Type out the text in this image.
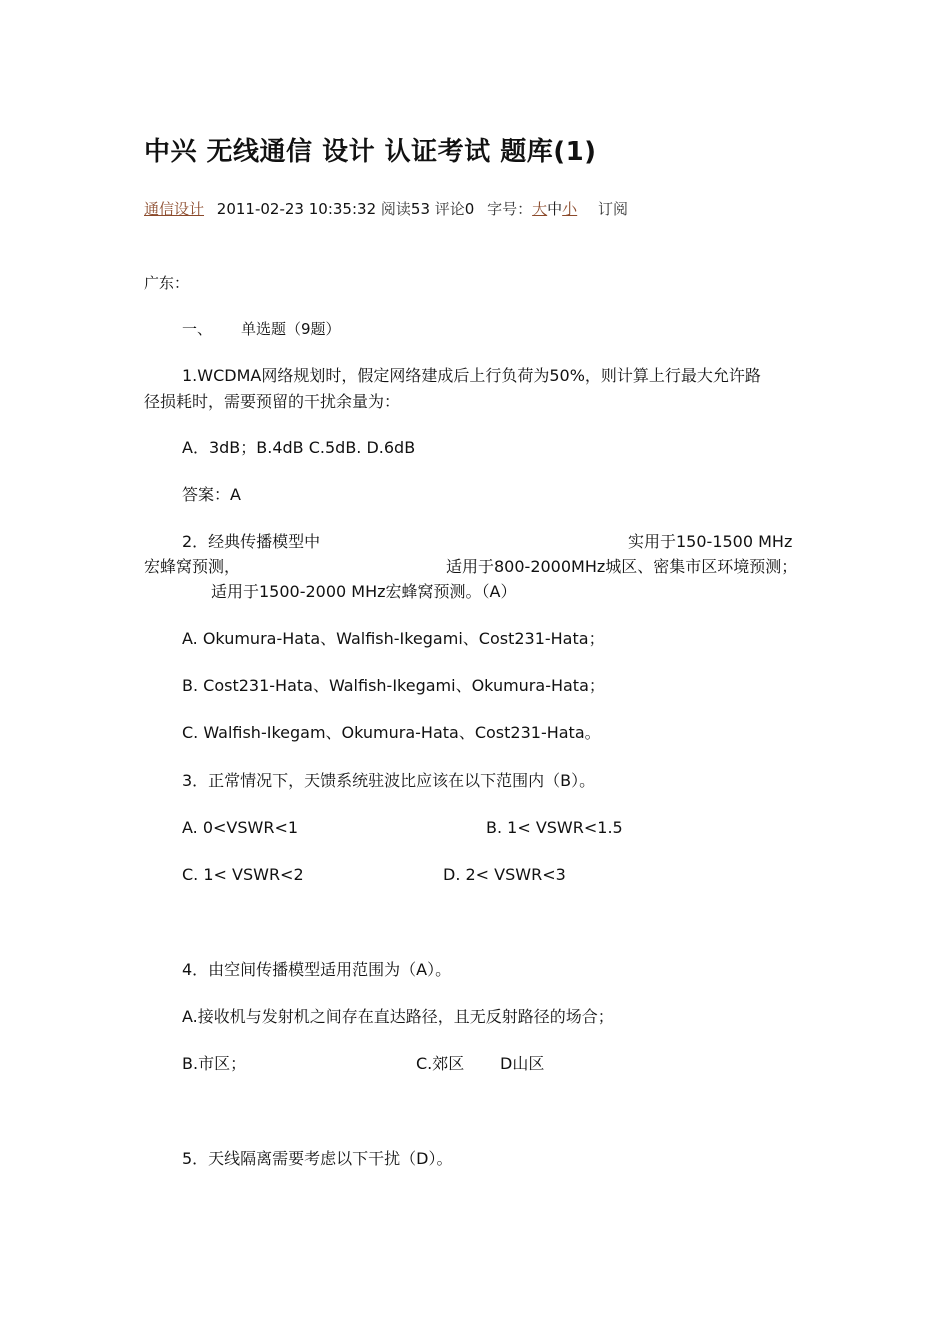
中兴 无线通信 设计 认证考试 题库(1)
通信设计 2011-02-23 10:35:32 阅读53 评论0 字号：大中小 订阅
广东：
一、 单选题（9题）
1.WCDMA网络规划时，假定网络建成后上行负荷为50%，则计算上行最大允许路
径损耗时，需要预留的干扰余量为：
A．3dB；B.4dB C.5dB. D.6dB
答案：A
2．经典传播模型中	实用于150-1500 MHz
宏蜂窝预测，	适用于800-2000MHz城区、密集市区环境预测；
适用于1500-2000 MHz宏蜂窝预测。（A）
A. Okumura-Hata、Walfish-Ikegami、Cost231-Hata；
B. Cost231-Hata、Walfish-Ikegami、Okumura-Hata；
C. Walfish-Ikegam、Okumura-Hata、Cost231-Hata。
3．正常情况下，天馈系统驻波比应该在以下范围内（B）。
A. 0<VSWR<1	B. 1< VSWR<1.5
C. 1< VSWR<2	D. 2< VSWR<3
4．由空间传播模型适用范围为（A）。
A.接收机与发射机之间存在直达路径，且无反射路径的场合；
B.市区；	C.郊区 D山区
5．天线隔离需要考虑以下干扰（D）。
